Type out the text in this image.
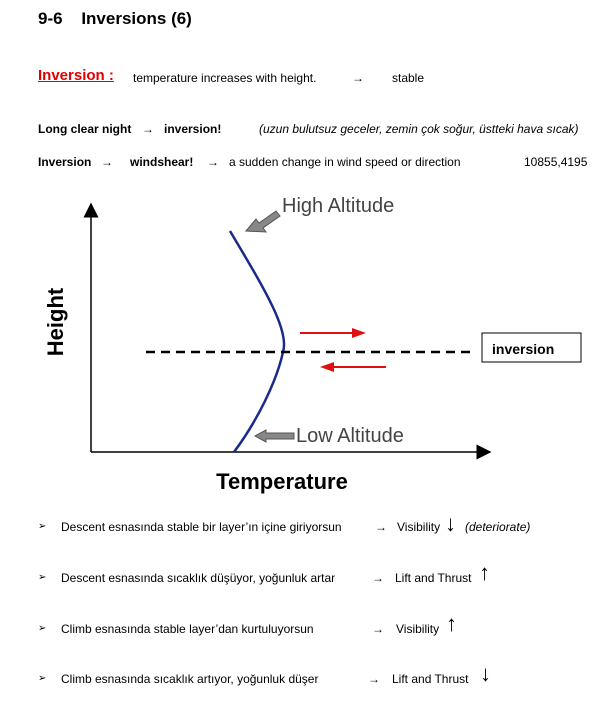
9-6 Inversions (6)
Inversion : temperature increases with height.	→ stable
Long clear night → inversion!	(uzun bulutsuz geceler, zemin çok soğur, üstteki hava sıcak)
Inversion → windshear! → a sudden change in wind speed or direction	10855,4195
Height
Temperature
inversion
High Altitude
Low Altitude
➢ Descent esnasında stable bir layer’ın içine giriyorsun	→ Visibility ↓ (deteriorate)
➢ Descent esnasında sıcaklık düşüyor, yoğunluk artar	→ Lift and Thrust ↑
➢ Climb esnasında stable layer’dan kurtuluyorsun	→ Visibility ↑
➢ Climb esnasında sıcaklık artıyor, yoğunluk düşer	→ Lift and Thrust ↓
